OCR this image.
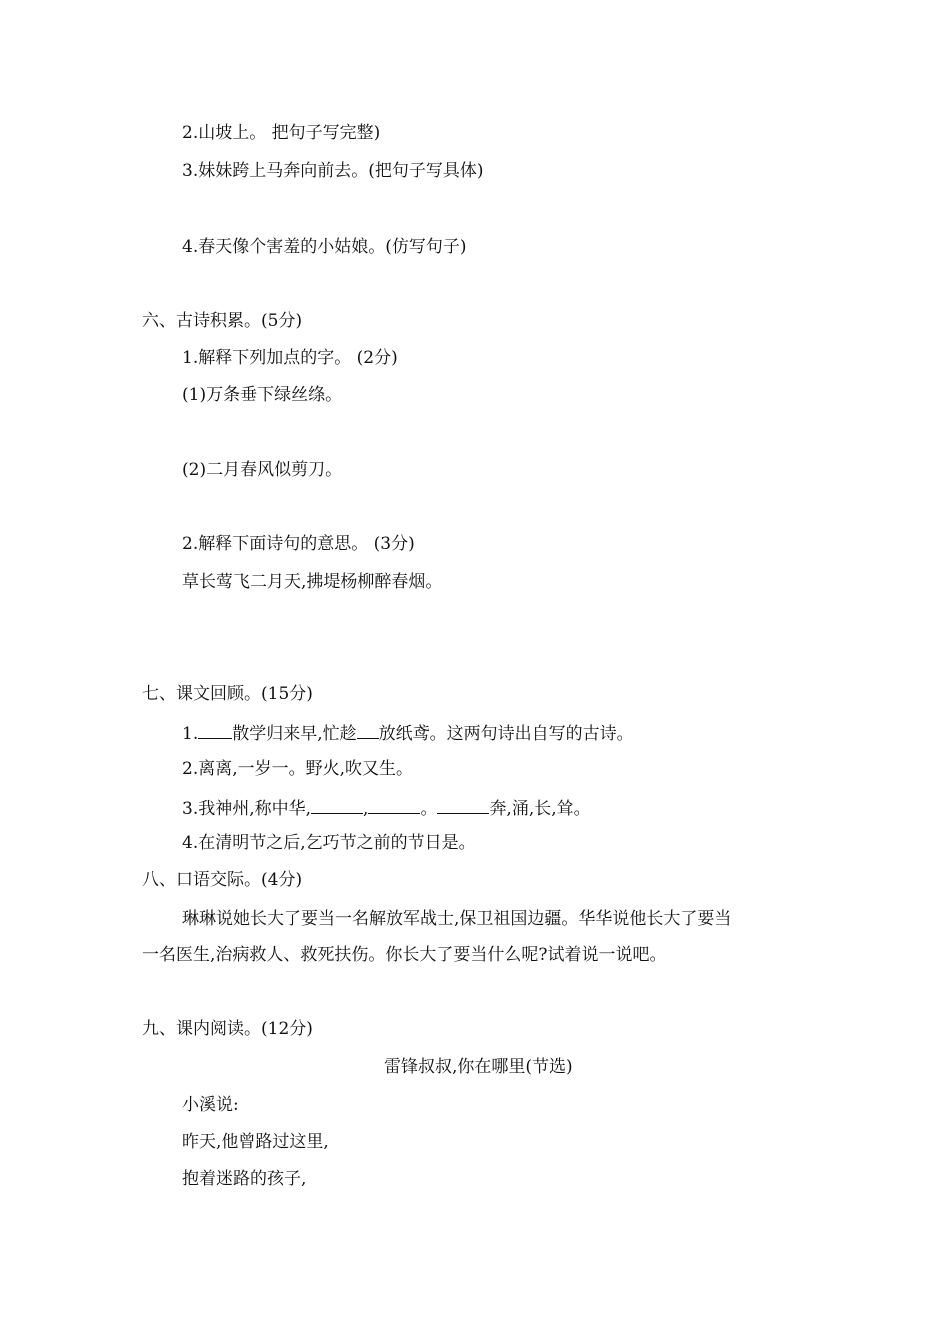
2.山坡上。 把句子写完整)
3.妹妹跨上马奔向前去。(把句子写具体)
4.春天像个害羞的小姑娘。(仿写句子)
六、古诗积累。(5分)
1.解释下列加点的字。 (2分)
(1)万条垂下绿丝绦。
(2)二月春风似剪刀。
2.解释下面诗句的意思。 (3分)
草长莺飞二月天,拂堤杨柳醉春烟。
七、课文回顾。(15分)
1. 散学归来早,忙趁 放纸鸢。这两句诗出自写的古诗。
2.离离,一岁一。野火,吹又生。
3.我神州,称中华,	,	。	奔,涌,长,耸。
4.在清明节之后,乞巧节之前的节日是。
八、口语交际。(4分)
琳琳说她长大了要当一名解放军战士,保卫祖国边疆。华华说他长大了要当
一名医生,治病救人、救死扶伤。你长大了要当什么呢?试着说一说吧。
九、课内阅读。(12分)
雷锋叔叔,你在哪里(节选)
小溪说:
昨天,他曾路过这里,
抱着迷路的孩子,
